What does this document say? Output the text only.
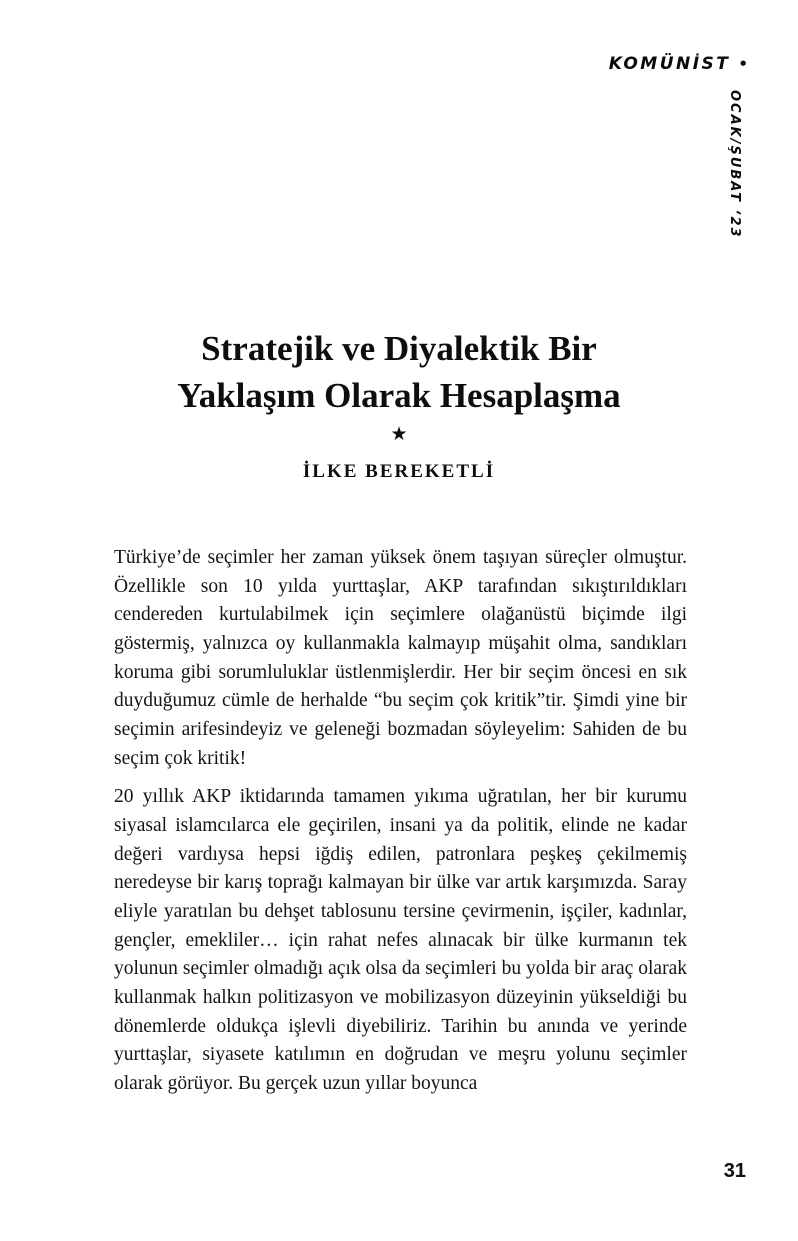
KOMÜNİST •
OCAK/ŞUBAT ‘23
Stratejik ve Diyalektik Bir
Yaklaşım Olarak Hesaplaşma
★
İLKE BEREKETLİ

Türkiye’de seçimler her zaman yüksek önem taşıyan süreçler olmuştur. Özellikle son 10 yılda yurttaşlar, AKP tarafından sıkıştırıldıkları cendereden kurtulabilmek için seçimlere olağanüstü biçimde ilgi göstermiş, yalnızca oy kullanmakla kalmayıp müşahit olma, sandıkları koruma gibi sorumluluklar üstlenmişlerdir. Her bir seçim öncesi en sık duyduğumuz cümle de herhalde “bu seçim çok kritik”tir. Şimdi yine bir seçimin arifesindeyiz ve geleneği bozmadan söyleyelim: Sahiden de bu seçim çok kritik!

20 yıllık AKP iktidarında tamamen yıkıma uğratılan, her bir kurumu siyasal islamcılarca ele geçirilen, insani ya da politik, elinde ne kadar değeri vardıysa hepsi iğdiş edilen, patronlara peşkeş çekilmemiş neredeyse bir karış toprağı kalmayan bir ülke var artık karşımızda. Saray eliyle yaratılan bu dehşet tablosunu tersine çevirmenin, işçiler, kadınlar, gençler, emekliler… için rahat nefes alınacak bir ülke kurmanın tek yolunun seçimler olmadığı açık olsa da seçimleri bu yolda bir araç olarak kullanmak halkın politizasyon ve mobilizasyon düzeyinin yükseldiği bu dönemlerde oldukça işlevli diyebiliriz. Tarihin bu anında ve yerinde yurttaşlar, siyasete katılımın en doğrudan ve meşru yolunu seçimler olarak görüyor. Bu gerçek uzun yıllar boyunca

31
